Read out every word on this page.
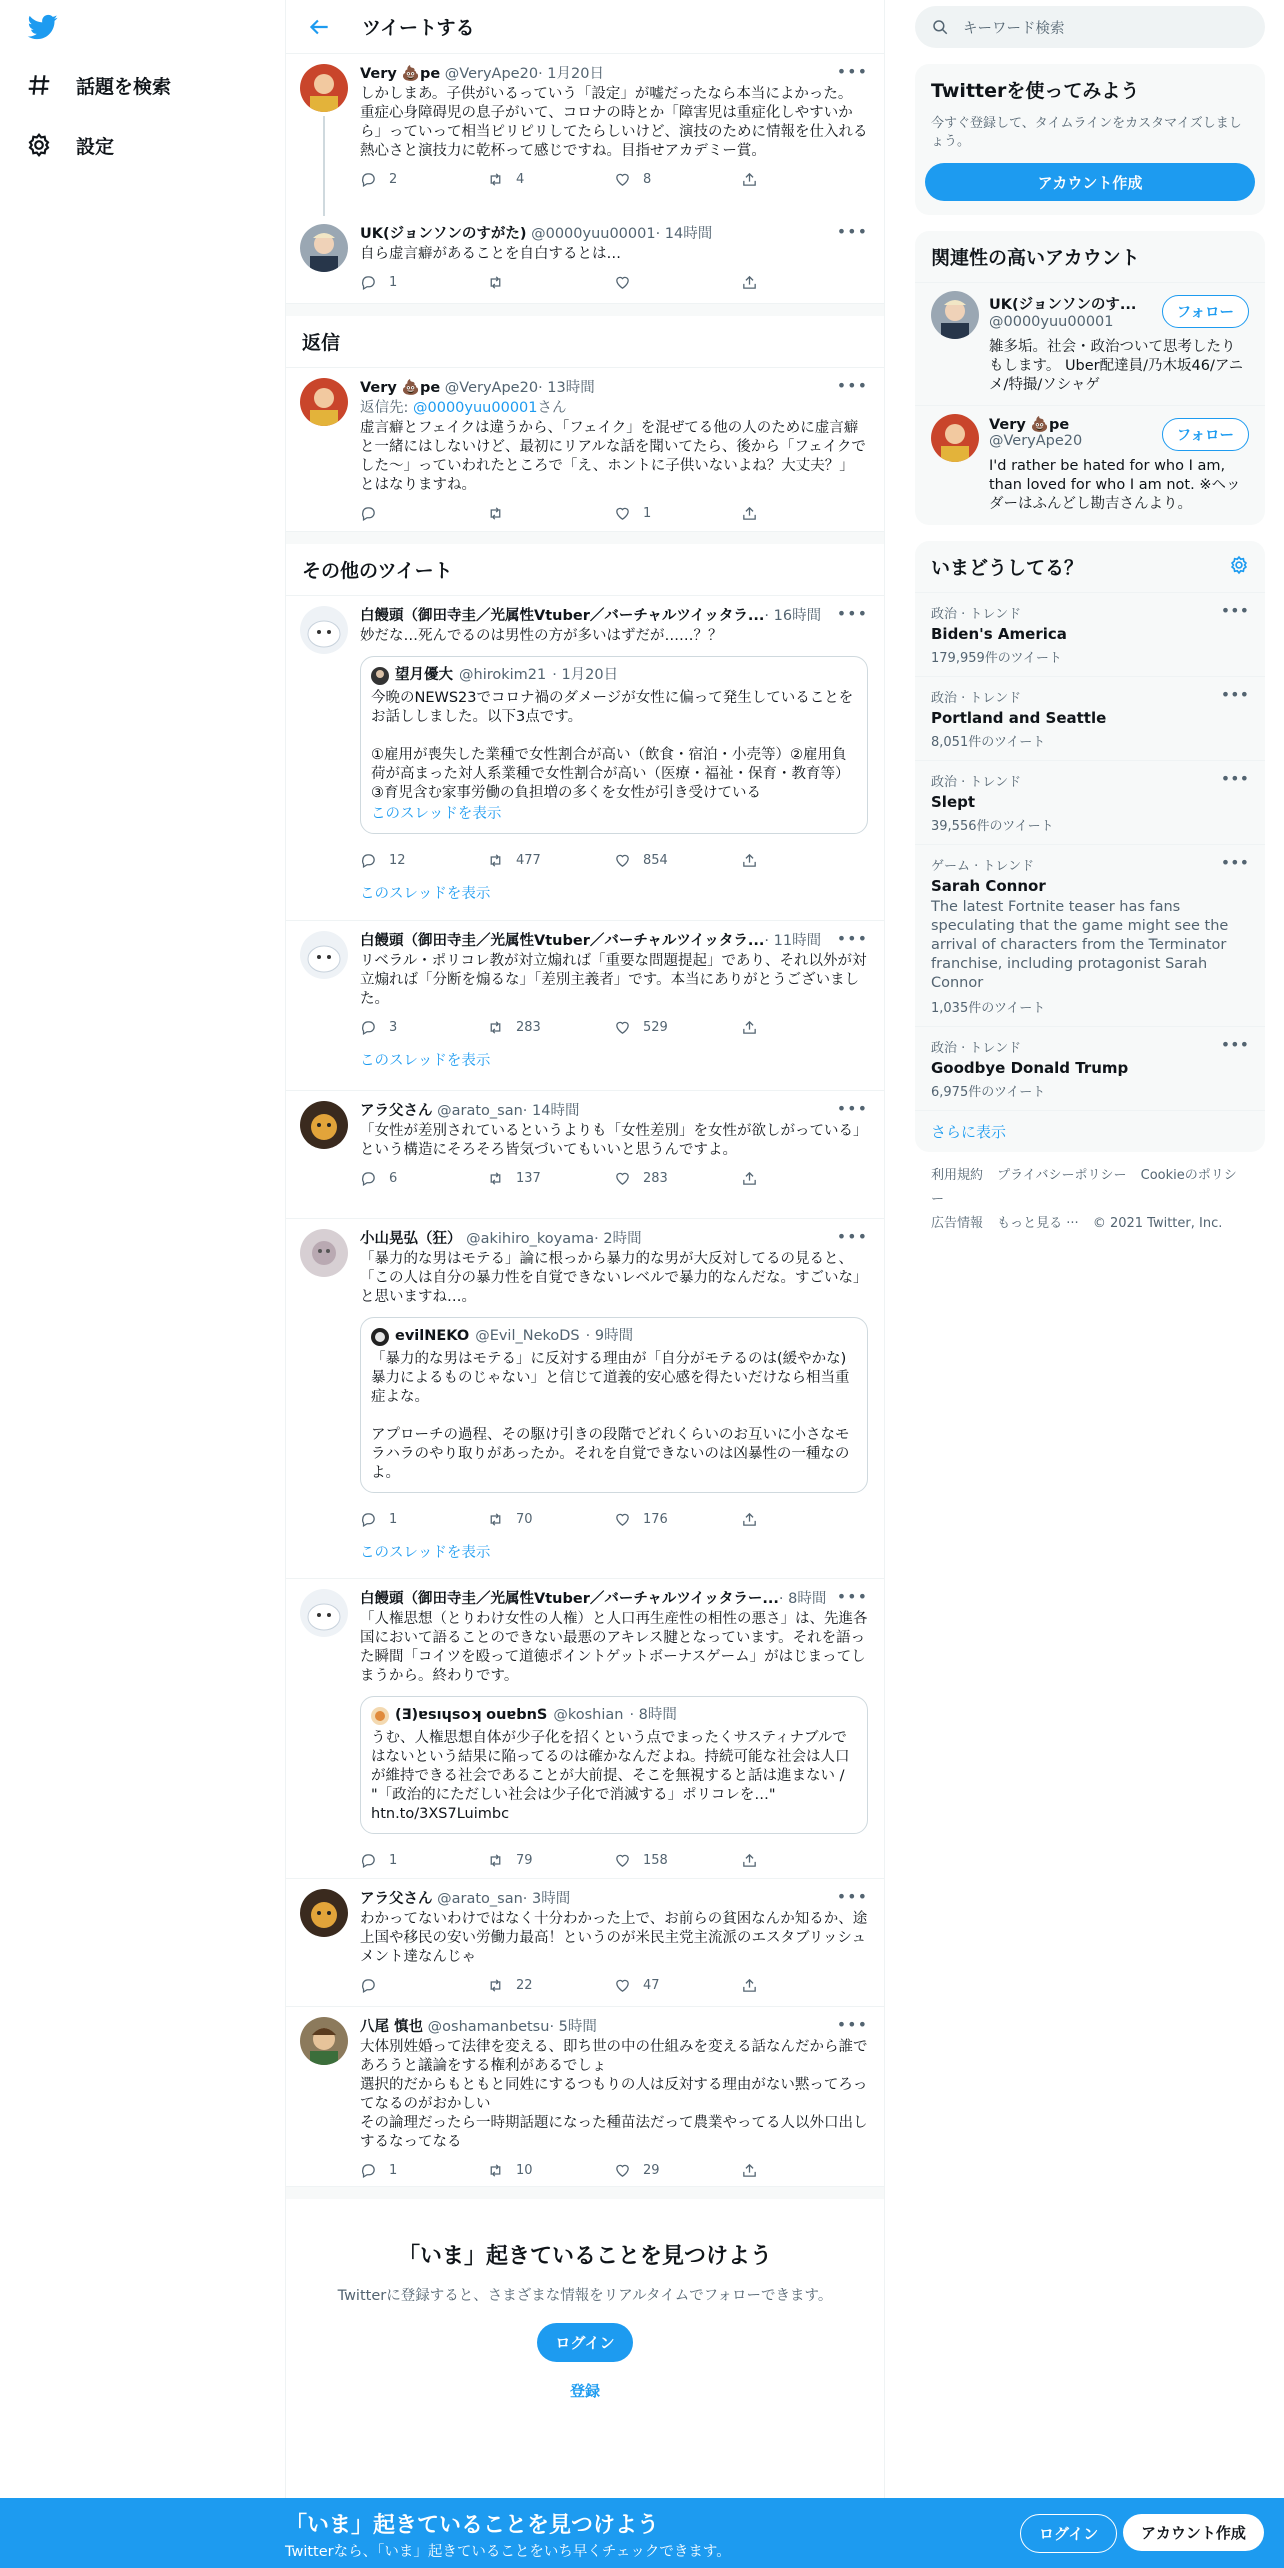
話題を検索
設定
ツイートする
•••
Very 💩pe @VeryApe20· 1月20日
しかしまあ。子供がいるっていう「設定」が嘘だったなら本当によかった。
重症心身障碍児の息子がいて、コロナの時とか「障害児は重症化しやすいから」っていって相当ピリピリしてたらしいけど、演技のために情報を仕入れる熱心さと演技力に乾杯って感じですね。目指せアカデミー賞。
2	4	8
•••
UK(ジョンソンのすがた) @0000yuu00001· 14時間
自ら虚言癖があることを自白するとは…
1
返信
•••
Very 💩pe @VeryApe20· 13時間
返信先: @0000yuu00001さん
虚言癖とフェイクは違うから、「フェイク」を混ぜてる他の人のために虚言癖と一緒にはしないけど、最初にリアルな話を聞いてたら、後から「フェイクでした〜」っていわれたところで「え、ホントに子供いないよね？大丈夫？」とはなりますね。
1
その他のツイート
•••
白饅頭（御田寺圭／光属性Vtuber／バーチャルツイッタラ...· 16時間
妙だな…死んでるのは男性の方が多いはずだが……？？
望月優大 @hirokim21 · 1月20日
今晩のNEWS23でコロナ禍のダメージが女性に偏って発生していることをお話ししました。以下3点です。

①雇用が喪失した業種で女性割合が高い（飲食・宿泊・小売等）②雇用負荷が高まった対人系業種で女性割合が高い（医療・福祉・保育・教育等）③育児含む家事労働の負担増の多くを女性が引き受けている
このスレッドを表示
12	477	854
このスレッドを表示
•••
白饅頭（御田寺圭／光属性Vtuber／バーチャルツイッタラ...· 11時間
リベラル・ポリコレ教が対立煽れば「重要な問題提起」であり、それ以外が対立煽れば「分断を煽るな」「差別主義者」です。本当にありがとうございました。
3	283	529
このスレッドを表示
•••
アラ父さん @arato_san· 14時間
「女性が差別されているというよりも「女性差別」を女性が欲しがっている」
という構造にそろそろ皆気づいてもいいと思うんですよ。
6	137	283
•••
小山晃弘（狂） @akihiro_koyama· 2時間
「暴力的な男はモテる」論に根っから暴力的な男が大反対してるの見ると、「この人は自分の暴力性を自覚できないレベルで暴力的なんだな。すごいな」と思いますね…。
evilNEKO @Evil_NekoDS · 9時間
「暴力的な男はモテる」に反対する理由が「自分がモテるのは(緩やかな)暴力によるものじゃない」と信じて道義的安心感を得たいだけなら相当重症よな。

アプローチの過程、その駆け引きの段階でどれくらいのお互いに小さなモラハラのやり取りがあったか。それを自覚できないのは凶暴性の一種なのよ。
1	70	176
このスレッドを表示
•••
白饅頭（御田寺圭／光属性Vtuber／バーチャルツイッタラー...· 8時間
「人権思想（とりわけ女性の人権）と人口再生産性の相性の悪さ」は、先進各国において語ることのできない最悪のアキレス腱となっています。それを語った瞬間「コイツを殴って道徳ポイントゲットボーナスゲーム」がはじまってしまうから。終わりです。
(Ǝ)ɐsıɥsoʞ ouɐbnS @koshian · 8時間
うむ、人権思想自体が少子化を招くという点でまったくサスティナブルではないという結果に陥ってるのは確かなんだよね。持続可能な社会は人口が維持できる社会であることが大前提、そこを無視すると話は進まない / "「政治的にただしい社会は少子化で消滅する」ポリコレを…"
htn.to/3XS7Luimbc
1	79	158
•••
アラ父さん @arato_san· 3時間
わかってないわけではなく十分わかった上で、お前らの貧困なんか知るか、途上国や移民の安い労働力最高！というのが米民主党主流派のエスタブリッシュメント達なんじゃ
22	47
•••
八尾 慎也 @oshamanbetsu· 5時間
大体別姓婚って法律を変える、即ち世の中の仕組みを変える話なんだから誰であろうと議論をする権利があるでしょ
選択的だからもともと同姓にするつもりの人は反対する理由がない黙ってろってなるのがおかしい
その論理だったら一時期話題になった種苗法だって農業やってる人以外口出しするなってなる
1	10	29
「いま」起きていることを見つけよう

Twitterに登録すると、さまざまな情報をリアルタイムでフォローできます。

ログイン
登録
キーワード検索
Twitterを使ってみよう
今すぐ登録して、タイムラインをカスタマイズしましょう。
アカウント作成
関連性の高いアカウント
フォロー
UK(ジョンソンのす...
@0000yuu00001
雑多垢。社会・政治ついて思考したりもします。 Uber配達員/乃木坂46/アニメ/特撮/ソシャゲ
フォロー
Very 💩pe
@VeryApe20
I'd rather be hated for who I am, than loved for who I am not. ※ヘッダーはふんどし勘吉さんより。
いまどうしてる？
•••
政治 · トレンド
Biden's America
179,959件のツイート
•••
政治 · トレンド
Portland and Seattle
8,051件のツイート
•••
政治 · トレンド
Slept
39,556件のツイート
•••
ゲーム · トレンド
Sarah Connor
The latest Fortnite teaser has fans speculating that the game might see the arrival of characters from the Terminator franchise, including protagonist Sarah Connor
1,035件のツイート
•••
政治 · トレンド
Goodbye Donald Trump
6,975件のツイート
さらに表示
利用規約 プライバシーポリシー Cookieのポリシー
広告情報 もっと見る ··· © 2021 Twitter, Inc.
「いま」起きていることを見つけよう
Twitterなら、「いま」起きていることをいち早くチェックできます。
ログイン	アカウント作成
